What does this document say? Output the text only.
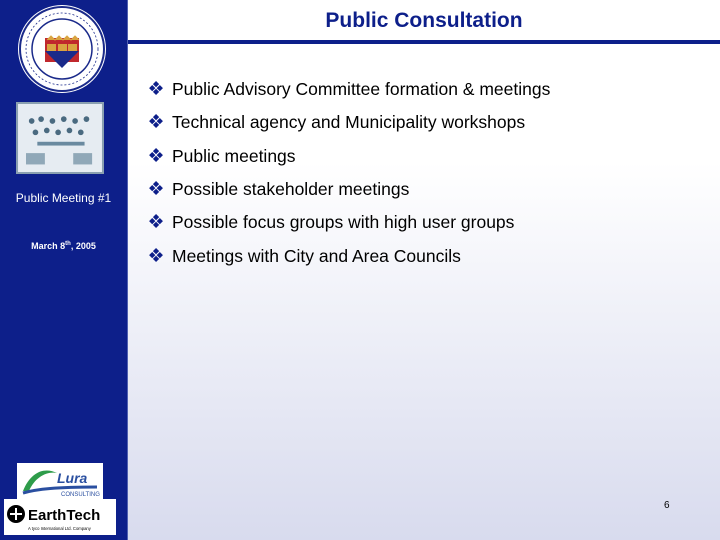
Public Consultation
Public Meeting #1
March 8th, 2005
Lura
CONSULTING
EarthTech
A tyco International Ltd. Company
❖ Public Advisory Committee formation & meetings
❖ Technical agency and Municipality workshops
❖ Public meetings
❖ Possible stakeholder meetings
❖ Possible focus groups with high user groups
❖ Meetings with City and Area Councils
6
